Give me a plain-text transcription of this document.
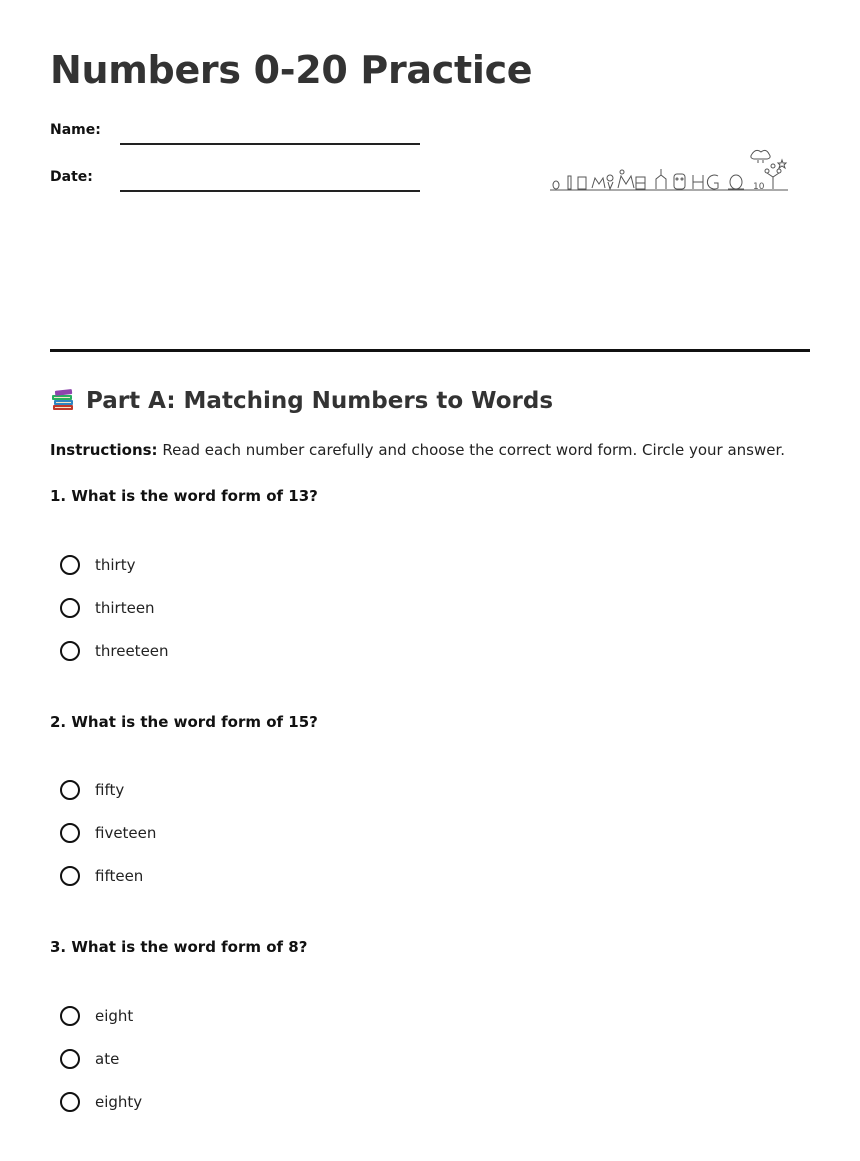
Numbers 0-20 Practice
Name:
Date:
10
Part A: Matching Numbers to Words
Instructions: Read each number carefully and choose the correct word form. Circle your answer.
1. What is the word form of 13?
thirty
thirteen
threeteen
2. What is the word form of 15?
fifty
fiveteen
fifteen
3. What is the word form of 8?
eight
ate
eighty
